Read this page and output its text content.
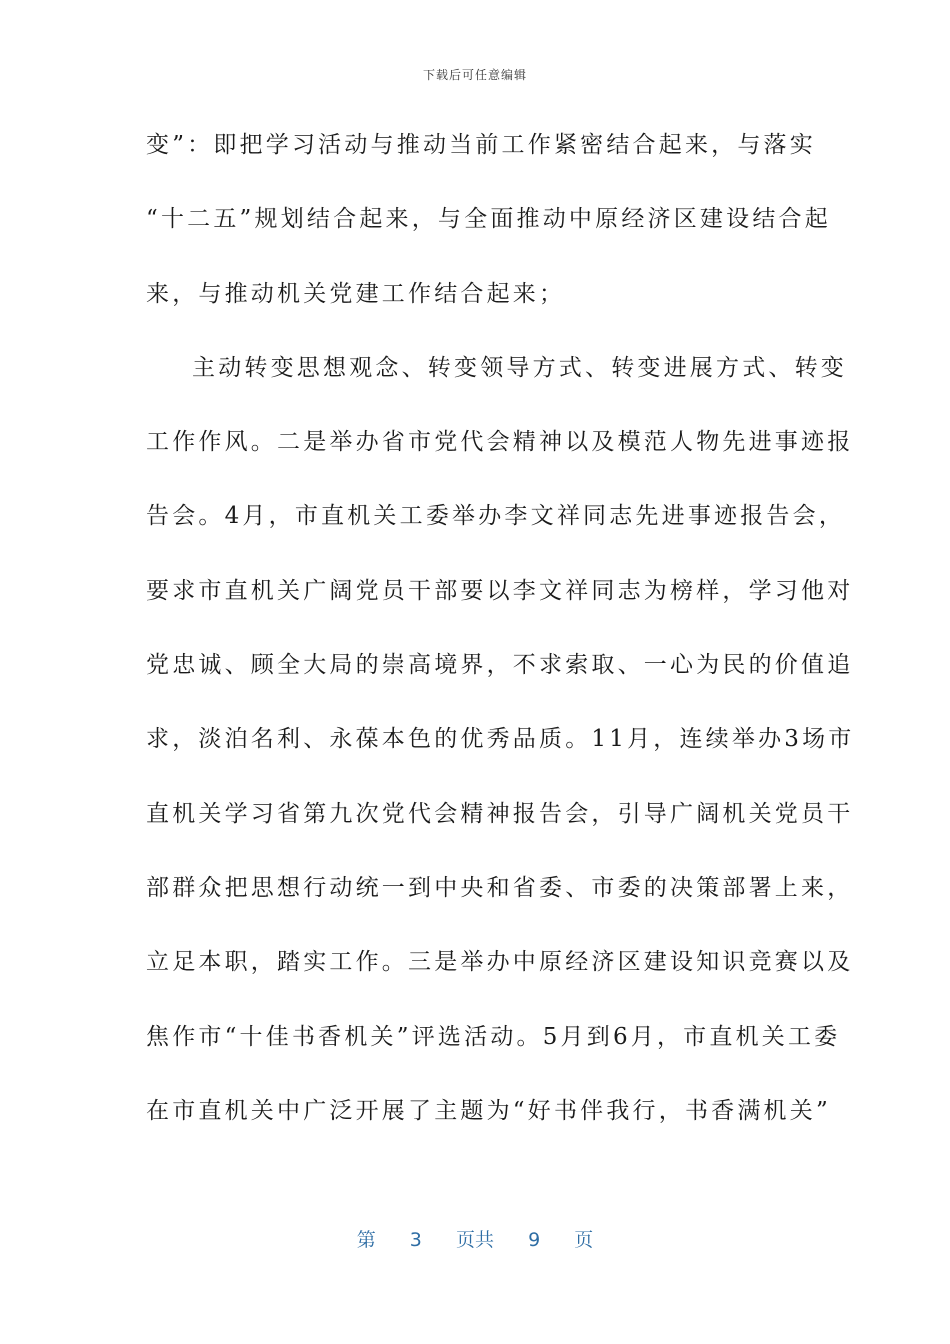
下载后可任意编辑
变”：即把学习活动与推动当前工作紧密结合起来，与落实
“十二五”规划结合起来，与全面推动中原经济区建设结合起
来，与推动机关党建工作结合起来；
主动转变思想观念、转变领导方式、转变进展方式、转变
工作作风。二是举办省市党代会精神以及模范人物先进事迹报
告会。4月，市直机关工委举办李文祥同志先进事迹报告会，
要求市直机关广阔党员干部要以李文祥同志为榜样，学习他对
党忠诚、顾全大局的崇高境界，不求索取、一心为民的价值追
求，淡泊名利、永葆本色的优秀品质。11月，连续举办3场市
直机关学习省第九次党代会精神报告会，引导广阔机关党员干
部群众把思想行动统一到中央和省委、市委的决策部署上来，
立足本职，踏实工作。三是举办中原经济区建设知识竞赛以及
焦作市“十佳书香机关”评选活动。5月到6月，市直机关工委
在市直机关中广泛开展了主题为“好书伴我行，书香满机关”
第 3 页共 9 页
